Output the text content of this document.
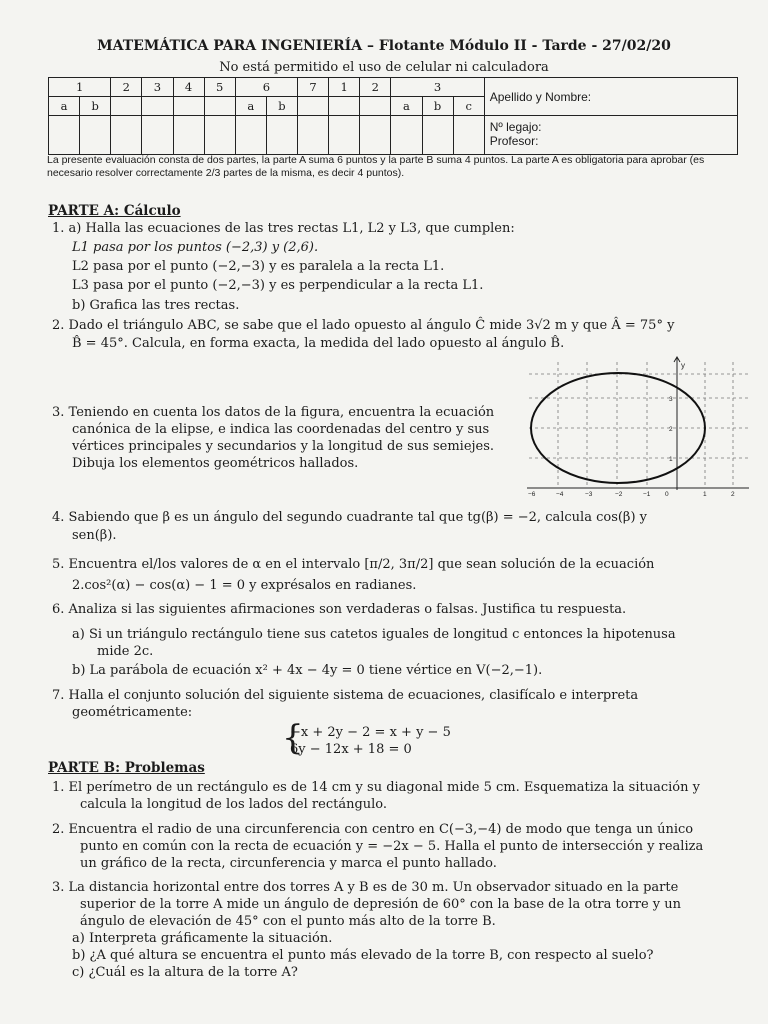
MATEMÁTICA PARA INGENIERÍA – Flotante Módulo II - Tarde - 27/02/20
No está permitido el uso de celular ni calculadora
1		2	3	4	5	6		7	1	2	3			Apellido y Nombre:
a	b					a	b				a	b	c	

														Nº legajo:
Profesor:
La presente evaluación consta de dos partes, la parte A suma 6 puntos y la parte B suma 4 puntos. La parte A es obligatoria para aprobar (es necesario resolver correctamente 2/3 partes de la misma, es decir 4 puntos).
PARTE A: Cálculo
1. a) Halla las ecuaciones de las tres rectas L1, L2 y L3, que cumplen:
L1 pasa por los puntos (−2,3) y (2,6).
L2 pasa por el punto (−2,−3) y es paralela a la recta L1.
L3 pasa por el punto (−2,−3) y es perpendicular a la recta L1.
b) Grafica las tres rectas.
2. Dado el triángulo ABC, se sabe que el lado opuesto al ángulo Ĉ mide 3√2 m y que Â = 75° y
B̂ = 45°. Calcula, en forma exacta, la medida del lado opuesto al ángulo B̂.
3. Teniendo en cuenta los datos de la figura, encuentra la ecuación
canónica de la elipse, e indica las coordenadas del centro y sus
vértices principales y secundarios y la longitud de sus semiejes.
Dibuja los elementos geométricos hallados.
−6	−4	−3	−2	−1 0	1	2
3
2
1
y
4. Sabiendo que β es un ángulo del segundo cuadrante tal que tg(β) = −2, calcula cos(β) y
sen(β).
5. Encuentra el/los valores de α en el intervalo [π/2, 3π/2] que sean solución de la ecuación
2.cos²(α) − cos(α) − 1 = 0 y exprésalos en radianes.
6. Analiza si las siguientes afirmaciones son verdaderas o falsas. Justifica tu respuesta.
a) Si un triángulo rectángulo tiene sus catetos iguales de longitud c entonces la hipotenusa
mide 2c.
b) La parábola de ecuación x² + 4x − 4y = 0 tiene vértice en V(−2,−1).
7. Halla el conjunto solución del siguiente sistema de ecuaciones, clasifícalo e interpreta
geométricamente:
{
−x + 2y − 2 = x + y − 5
6y − 12x + 18 = 0
PARTE B: Problemas
1. El perímetro de un rectángulo es de 14 cm y su diagonal mide 5 cm. Esquematiza la situación y
calcula la longitud de los lados del rectángulo.
2. Encuentra el radio de una circunferencia con centro en C(−3,−4) de modo que tenga un único
punto en común con la recta de ecuación y = −2x − 5. Halla el punto de intersección y realiza
un gráfico de la recta, circunferencia y marca el punto hallado.
3. La distancia horizontal entre dos torres A y B es de 30 m. Un observador situado en la parte
superior de la torre A mide un ángulo de depresión de 60° con la base de la otra torre y un
ángulo de elevación de 45° con el punto más alto de la torre B.
a) Interpreta gráficamente la situación.
b) ¿A qué altura se encuentra el punto más elevado de la torre B, con respecto al suelo?
c) ¿Cuál es la altura de la torre A?
